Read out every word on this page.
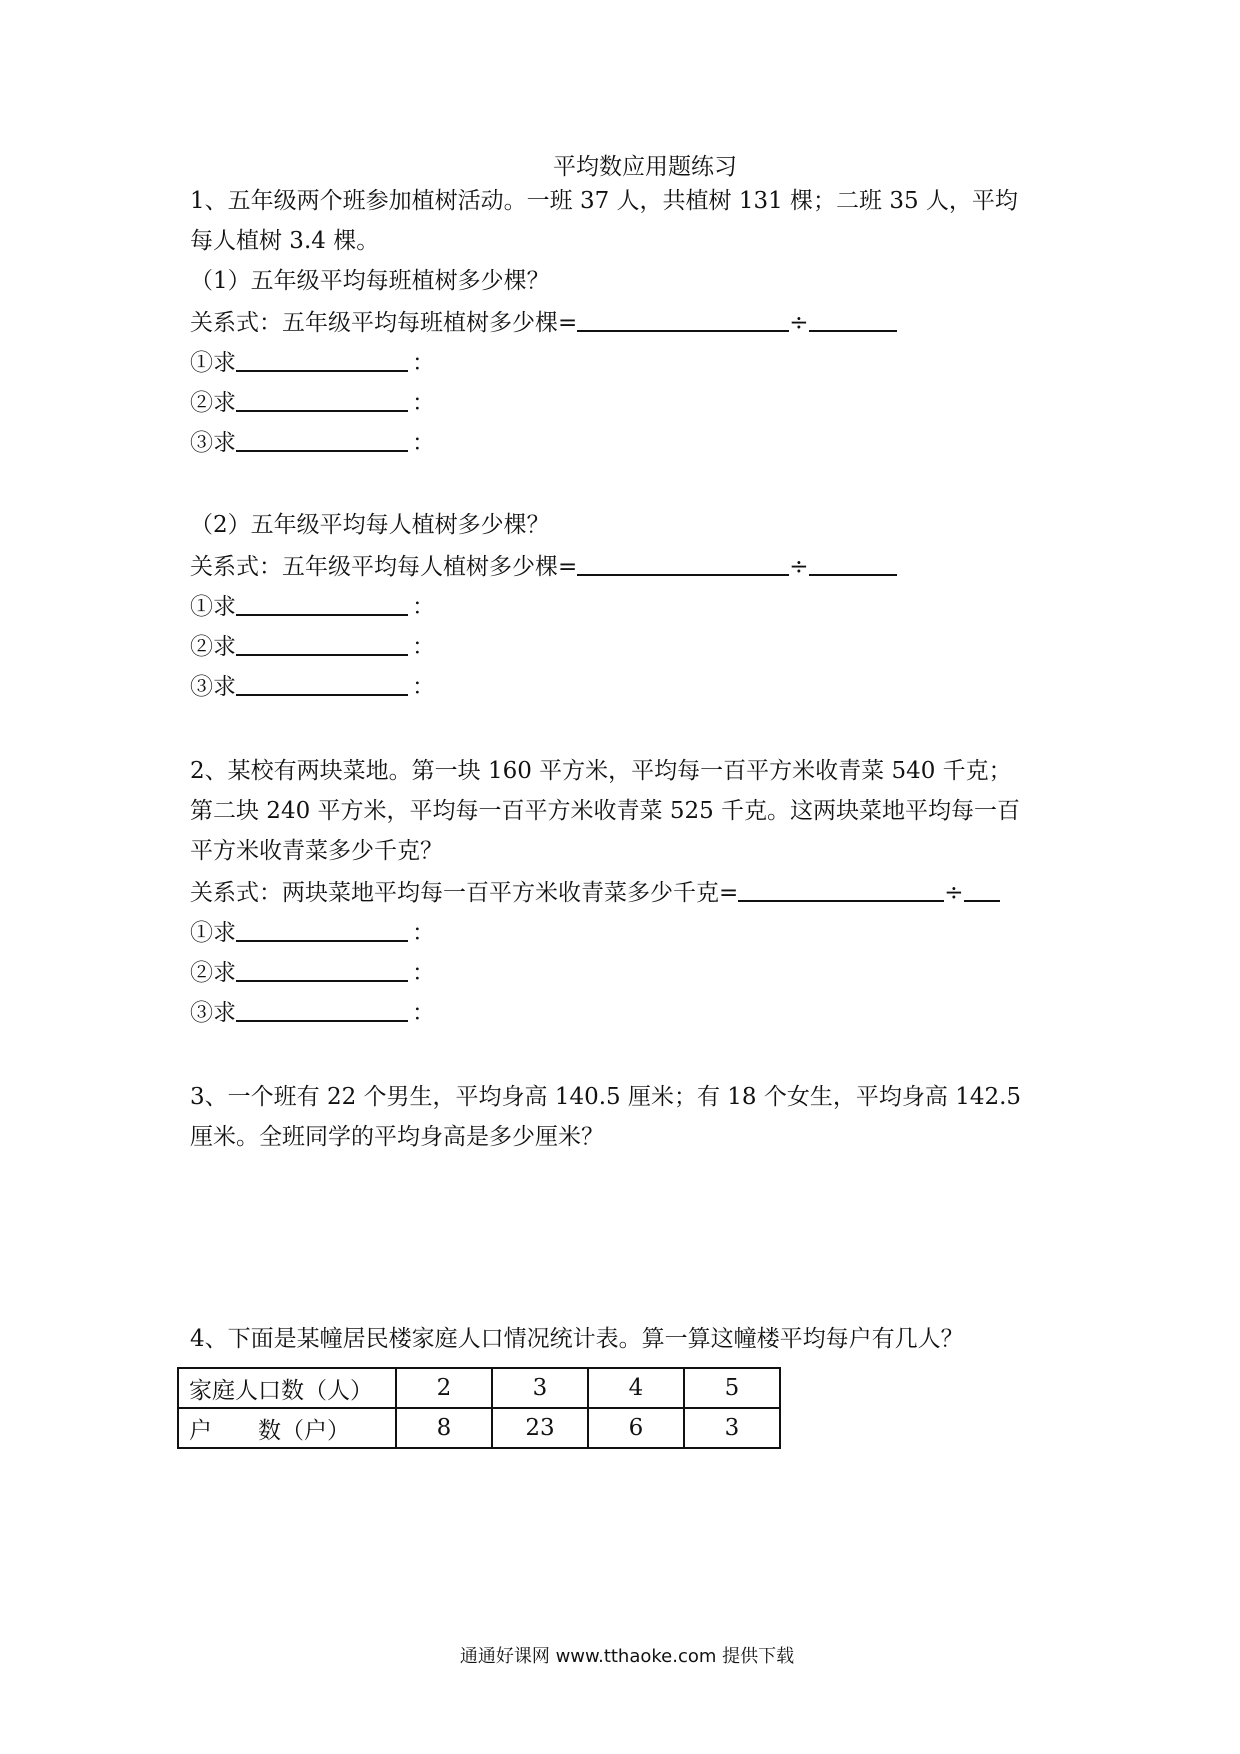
平均数应用题练习
1、五年级两个班参加植树活动。一班 37 人，共植树 131 棵；二班 35 人，平均
每人植树 3.4 棵。
（1）五年级平均每班植树多少棵？
关系式：五年级平均每班植树多少棵=	÷
①求	：
②求	：
③求	：
（2）五年级平均每人植树多少棵？
关系式：五年级平均每人植树多少棵=	÷
①求	：
②求	：
③求	：
2、某校有两块菜地。第一块 160 平方米，平均每一百平方米收青菜 540 千克；
第二块 240 平方米，平均每一百平方米收青菜 525 千克。这两块菜地平均每一百
平方米收青菜多少千克？
关系式：两块菜地平均每一百平方米收青菜多少千克=	÷
①求	：
②求	：
③求	：
3、一个班有 22 个男生，平均身高 140.5 厘米；有 18 个女生，平均身高 142.5
厘米。全班同学的平均身高是多少厘米？
4、下面是某幢居民楼家庭人口情况统计表。算一算这幢楼平均每户有几人？
家庭人口数（人）	2	3	4	5
户　　数（户）	8	23	6	3
通通好课网 www.tthaoke.com 提供下载
